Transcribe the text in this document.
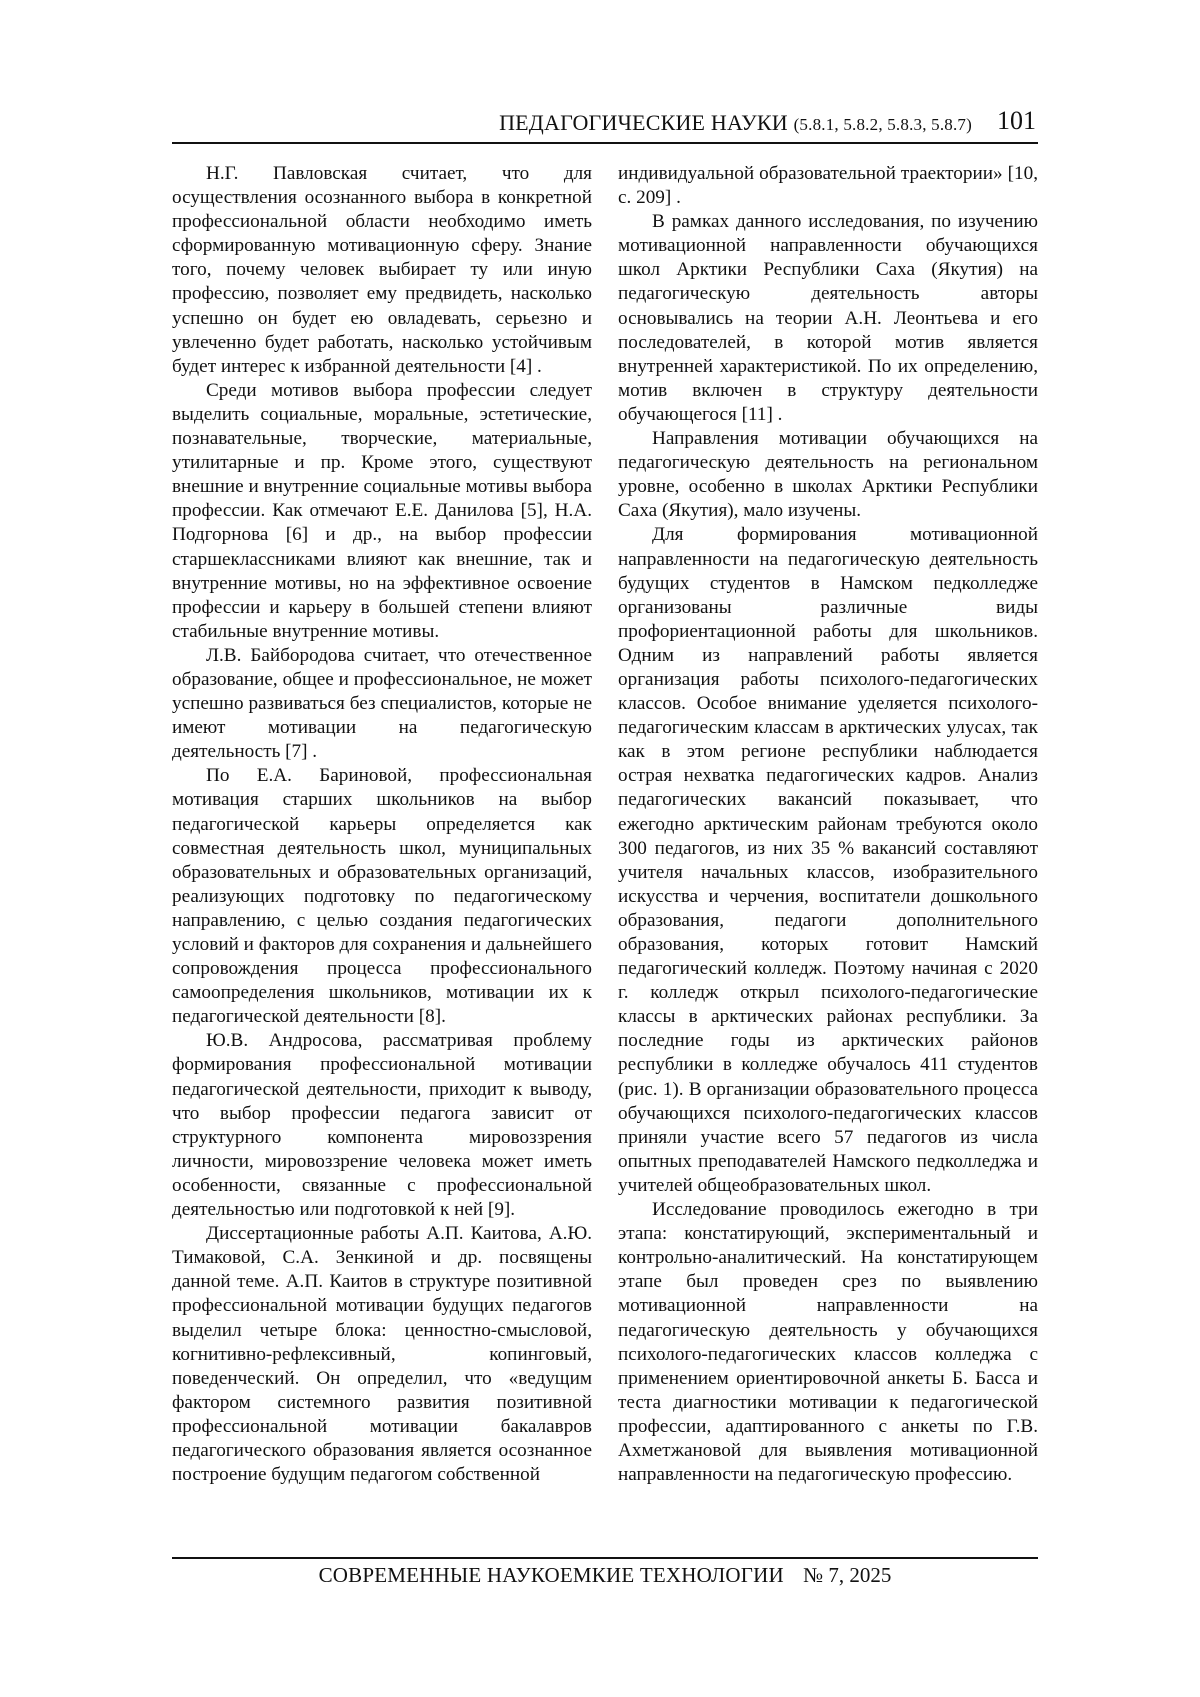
ПЕДАГОГИЧЕСКИЕ НАУКИ (5.8.1, 5.8.2, 5.8.3, 5.8.7) 101

Н.Г. Павловская считает, что для осуществления осознанного выбора в конкретной профессиональной области необходимо иметь сформированную мотивационную сферу. Знание того, почему человек выбирает ту или иную профессию, позволяет ему предвидеть, насколько успешно он будет ею овладевать, серьезно и увлеченно будет работать, насколько устойчивым будет интерес к избранной деятельности [4] .

Среди мотивов выбора профессии следует выделить социальные, моральные, эстетические, познавательные, творческие, материальные, утилитарные и пр. Кроме этого, существуют внешние и внутренние социальные мотивы выбора профессии. Как отмечают Е.Е. Данилова [5], Н.А. Подгорнова [6] и др., на выбор профессии старшеклассниками влияют как внешние, так и внутренние мотивы, но на эффективное освоение профессии и карьеру в большей степени влияют стабильные внутренние мотивы.

Л.В. Байбородова считает, что отечественное образование, общее и профессиональное, не может успешно развиваться без специалистов, которые не имеют мотивации на педагогическую деятельность [7] .

По Е.А. Бариновой, профессиональная мотивация старших школьников на выбор педагогической карьеры определяется как совместная деятельность школ, муниципальных образовательных и образовательных организаций, реализующих подготовку по педагогическому направлению, с целью создания педагогических условий и факторов для сохранения и дальнейшего сопровождения процесса профессионального самоопределения школьников, мотивации их к педагогической деятельности [8].

Ю.В. Андросова, рассматривая проблему формирования профессиональной мотивации педагогической деятельности, приходит к выводу, что выбор профессии педагога зависит от структурного компонента мировоззрения личности, мировоззрение человека может иметь особенности, связанные с профессиональной деятельностью или подготовкой к ней [9].

Диссертационные работы А.П. Каитова, А.Ю. Тимаковой, С.А. Зенкиной и др. посвящены данной теме. А.П. Каитов в структуре позитивной профессиональной мотивации будущих педагогов выделил четыре блока: ценностно-смысловой, когнитивно-рефлексивный, копинговый, поведенческий. Он определил, что «ведущим фактором системного развития позитивной профессиональной мотивации бакалавров педагогического образования является осознанное построение будущим педагогом собственной

индивидуальной образовательной траектории» [10, с. 209] .

В рамках данного исследования, по изучению мотивационной направленности обучающихся школ Арктики Республики Саха (Якутия) на педагогическую деятельность авторы основывались на теории А.Н. Леонтьева и его последователей, в которой мотив является внутренней характеристикой. По их определению, мотив включен в структуру деятельности обучающегося [11] .

Направления мотивации обучающихся на педагогическую деятельность на региональном уровне, особенно в школах Арктики Республики Саха (Якутия), мало изучены.

Для формирования мотивационной направленности на педагогическую деятельность будущих студентов в Намском педколледже организованы различные виды профориентационной работы для школьников. Одним из направлений работы является организация работы психолого-педагогических классов. Особое внимание уделяется психолого-педагогическим классам в арктических улусах, так как в этом регионе республики наблюдается острая нехватка педагогических кадров. Анализ педагогических вакансий показывает, что ежегодно арктическим районам требуются около 300 педагогов, из них 35 % вакансий составляют учителя начальных классов, изобразительного искусства и черчения, воспитатели дошкольного образования, педагоги дополнительного образования, которых готовит Намский педагогический колледж. Поэтому начиная с 2020 г. колледж открыл психолого-педагогические классы в арктических районах республики. За последние годы из арктических районов республики в колледже обучалось 411 студентов (рис. 1). В организации образовательного процесса обучающихся психолого-педагогических классов приняли участие всего 57 педагогов из числа опытных преподавателей Намского педколледжа и учителей общеобразовательных школ.

Исследование проводилось ежегодно в три этапа: констатирующий, экспериментальный и контрольно-аналитический. На констатирующем этапе был проведен срез по выявлению мотивационной направленности на педагогическую деятельность у обучающихся психолого-педагогических классов колледжа с применением ориентировочной анкеты Б. Басса и теста диагностики мотивации к педагогической профессии, адаптированного с анкеты по Г.В. Ахметжановой для выявления мотивационной направленности на педагогическую профессию.

СОВРЕМЕННЫЕ НАУКОЕМКИЕ ТЕХНОЛОГИИ № 7, 2025
